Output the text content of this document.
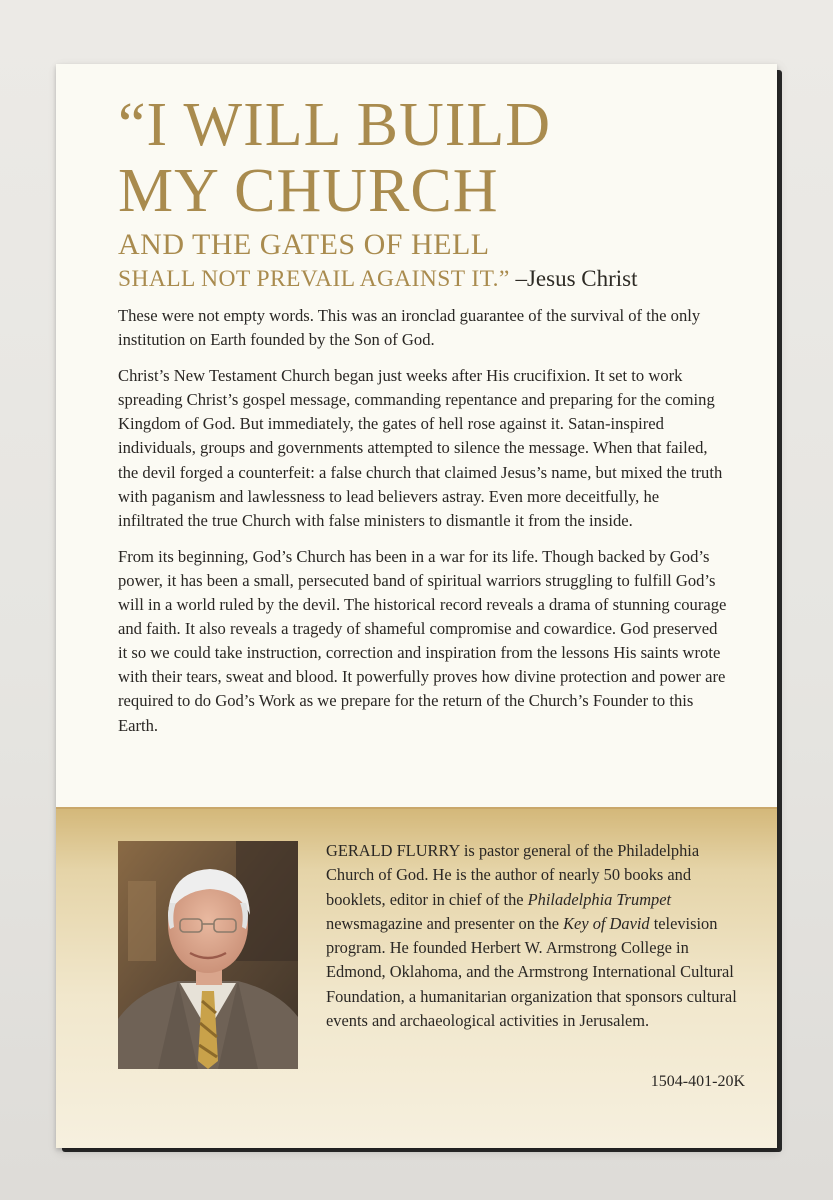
“I WILL BUILD
MY CHURCH
AND THE GATES OF HELL
SHALL NOT PREVAIL AGAINST IT.” –Jesus Christ

These were not empty words. This was an ironclad guarantee of the survival of the only institution on Earth founded by the Son of God.

Christ’s New Testament Church began just weeks after His crucifixion. It set to work spreading Christ’s gospel message, commanding repentance and preparing for the coming Kingdom of God. But immediately, the gates of hell rose against it. Satan-inspired individuals, groups and governments attempted to silence the message. When that failed, the devil forged a counterfeit: a false church that claimed Jesus’s name, but mixed the truth with paganism and lawlessness to lead believers astray. Even more deceitfully, he infiltrated the true Church with false ministers to dismantle it from the inside.

From its beginning, God’s Church has been in a war for its life. Though backed by God’s power, it has been a small, persecuted band of spiritual warriors struggling to fulfill God’s will in a world ruled by the devil. The historical record reveals a drama of stunning courage and faith. It also reveals a tragedy of shameful compromise and cowardice. God preserved it so we could take instruction, correction and inspiration from the lessons His saints wrote with their tears, sweat and blood. It powerfully proves how divine protection and power are required to do God’s Work as we prepare for the return of the Church’s Founder to this Earth.

GERALD FLURRY is pastor general of the Philadelphia Church of God. He is the author of nearly 50 books and booklets, editor in chief of the Philadelphia Trumpet newsmagazine and presenter on the Key of David television program. He founded Herbert W. Armstrong College in Edmond, Oklahoma, and the Armstrong International Cultural Foundation, a humanitarian organization that sponsors cultural events and archaeological activities in Jerusalem.
1504-401-20K
